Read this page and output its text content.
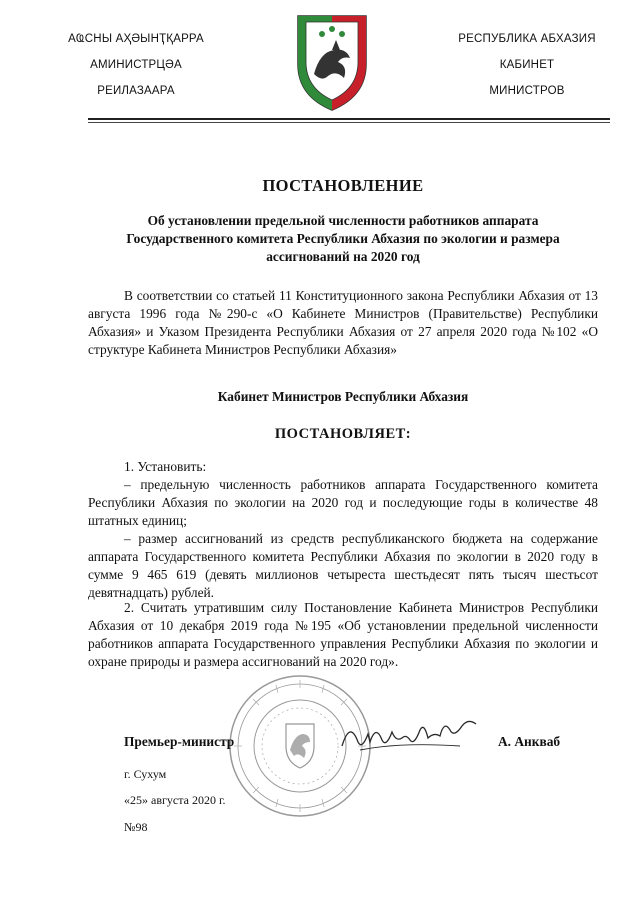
АҨСНЫ АҲӘЫНҬҚАРРА
АМИНИСТРЦӘА
РЕИЛАЗААРА
РЕСПУБЛИКА АБХАЗИЯ
КАБИНЕТ
МИНИСТРОВ
ПОСТАНОВЛЕНИЕ
Об установлении предельной численности работников аппарата
Государственного комитета Республики Абхазия по экологии и размера
ассигнований на 2020 год
В соответствии со статьей 11 Конституционного закона Республики Абхазия от 13 августа 1996 года №290-с «О Кабинете Министров (Правительстве) Республики Абхазия» и Указом Президента Республики Абхазия от 27 апреля 2020 года №102 «О структуре Кабинета Министров Республики Абхазия»
Кабинет Министров Республики Абхазия
ПОСТАНОВЛЯЕТ:
1. Установить:
– предельную численность работников аппарата Государственного комитета Республики Абхазия по экологии на 2020 год и последующие годы в количестве 48 штатных единиц;
– размер ассигнований из средств республиканского бюджета на содержание аппарата Государственного комитета Республики Абхазия по экологии в 2020 году в сумме 9 465 619 (девять миллионов четыреста шестьдесят пять тысяч шестьсот девятнадцать) рублей.
2. Считать утратившим силу Постановление Кабинета Министров Республики Абхазия от 10 декабря 2019 года №195 «Об установлении предельной численности работников аппарата Государственного управления Республики Абхазия по экологии и охране природы и размера ассигнований на 2020 год».
Премьер-министр	А. Анкваб
г. Сухум
«25» августа 2020 г.
№98
